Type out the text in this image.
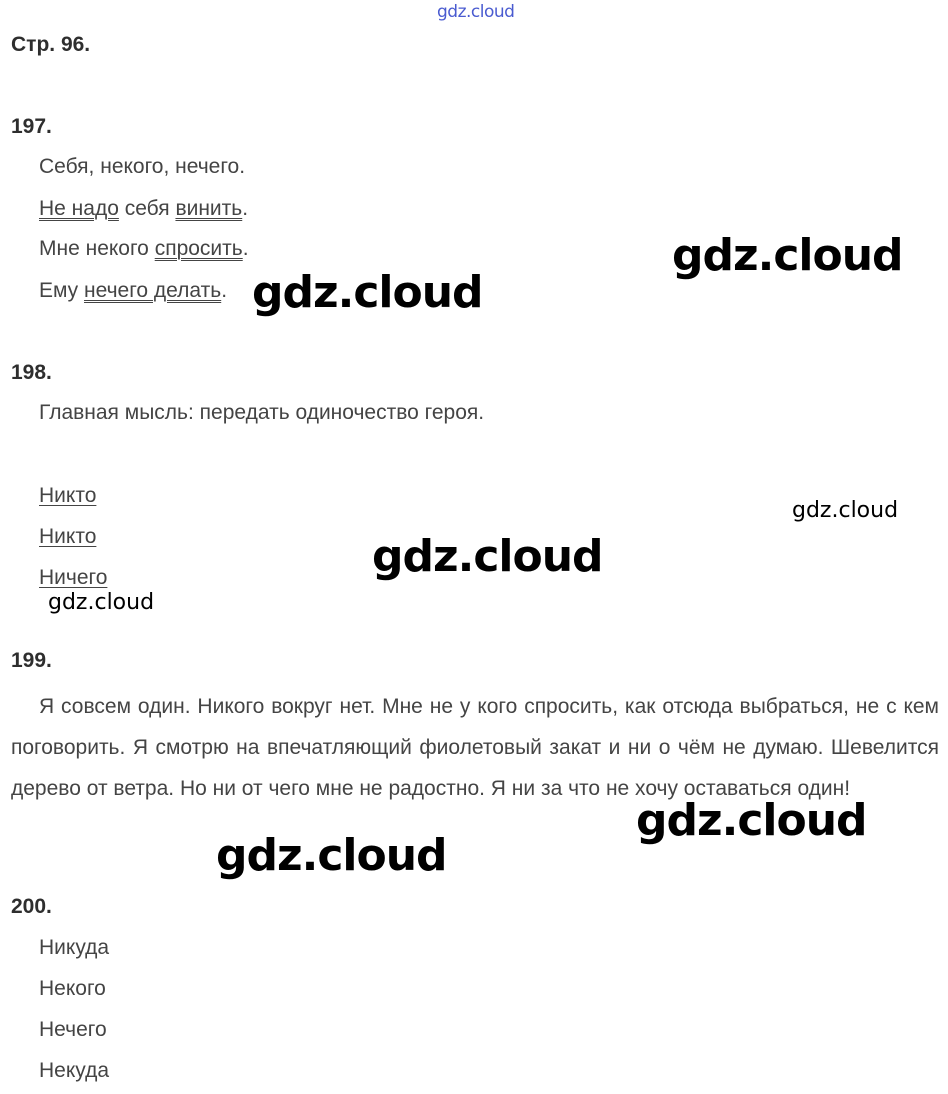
gdz.cloud
Стр. 96.
197.
Себя, некого, нечего.
Не надо себя винить.
Мне некого спросить.
Ему нечего делать.
198.
Главная мысль: передать одиночество героя.
Никто
Никто
Ничего
199.
Я совсем один. Никого вокруг нет. Мне не у кого спросить, как отсюда выбраться, не с кем поговорить. Я смотрю на впечатляющий фиолетовый закат и ни о чём не думаю. Шевелится дерево от ветра. Но ни от чего мне не радостно. Я ни за что не хочу оставаться один!
200.
Никуда
Некого
Нечего
Некуда
gdz.cloud
gdz.cloud
gdz.cloud
gdz.cloud
gdz.cloud
gdz.cloud
gdz.cloud
